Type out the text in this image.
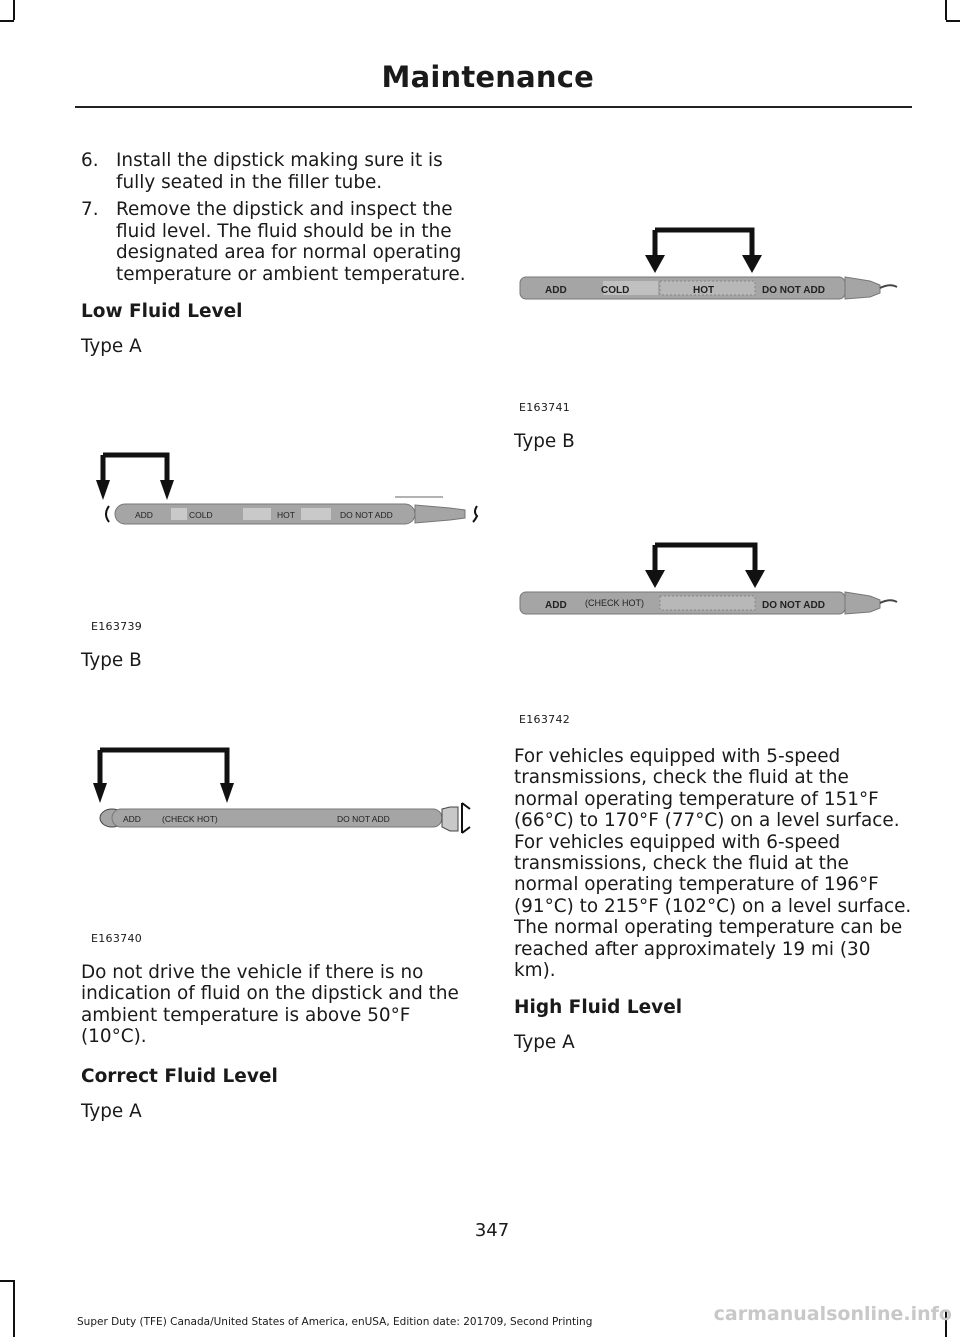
Maintenance
6. Install the dipstick making sure it is fully seated in the filler tube.
7. Remove the dipstick and inspect the fluid level. The fluid should be in the designated area for normal operating temperature or ambient temperature.
Low Fluid Level
Type A
ADD	COLD	HOT	DO NOT ADD
E163739
Type B
ADD (CHECK HOT)	DO NOT ADD
E163740
Do not drive the vehicle if there is no indication of fluid on the dipstick and the ambient temperature is above 50°F (10°C).
Correct Fluid Level
Type A
ADD	COLD	HOT	DO NOT ADD
E163741
Type B
ADD (CHECK HOT)	DO NOT ADD
E163742
For vehicles equipped with 5-speed transmissions, check the fluid at the normal operating temperature of 151°F (66°C) to 170°F (77°C) on a level surface. For vehicles equipped with 6-speed transmissions, check the fluid at the normal operating temperature of 196°F (91°C) to 215°F (102°C) on a level surface. The normal operating temperature can be reached after approximately 19 mi (30 km).
High Fluid Level
Type A
347
Super Duty (TFE) Canada/United States of America, enUSA, Edition date: 201709, Second Printing	carmanualsonline.info
